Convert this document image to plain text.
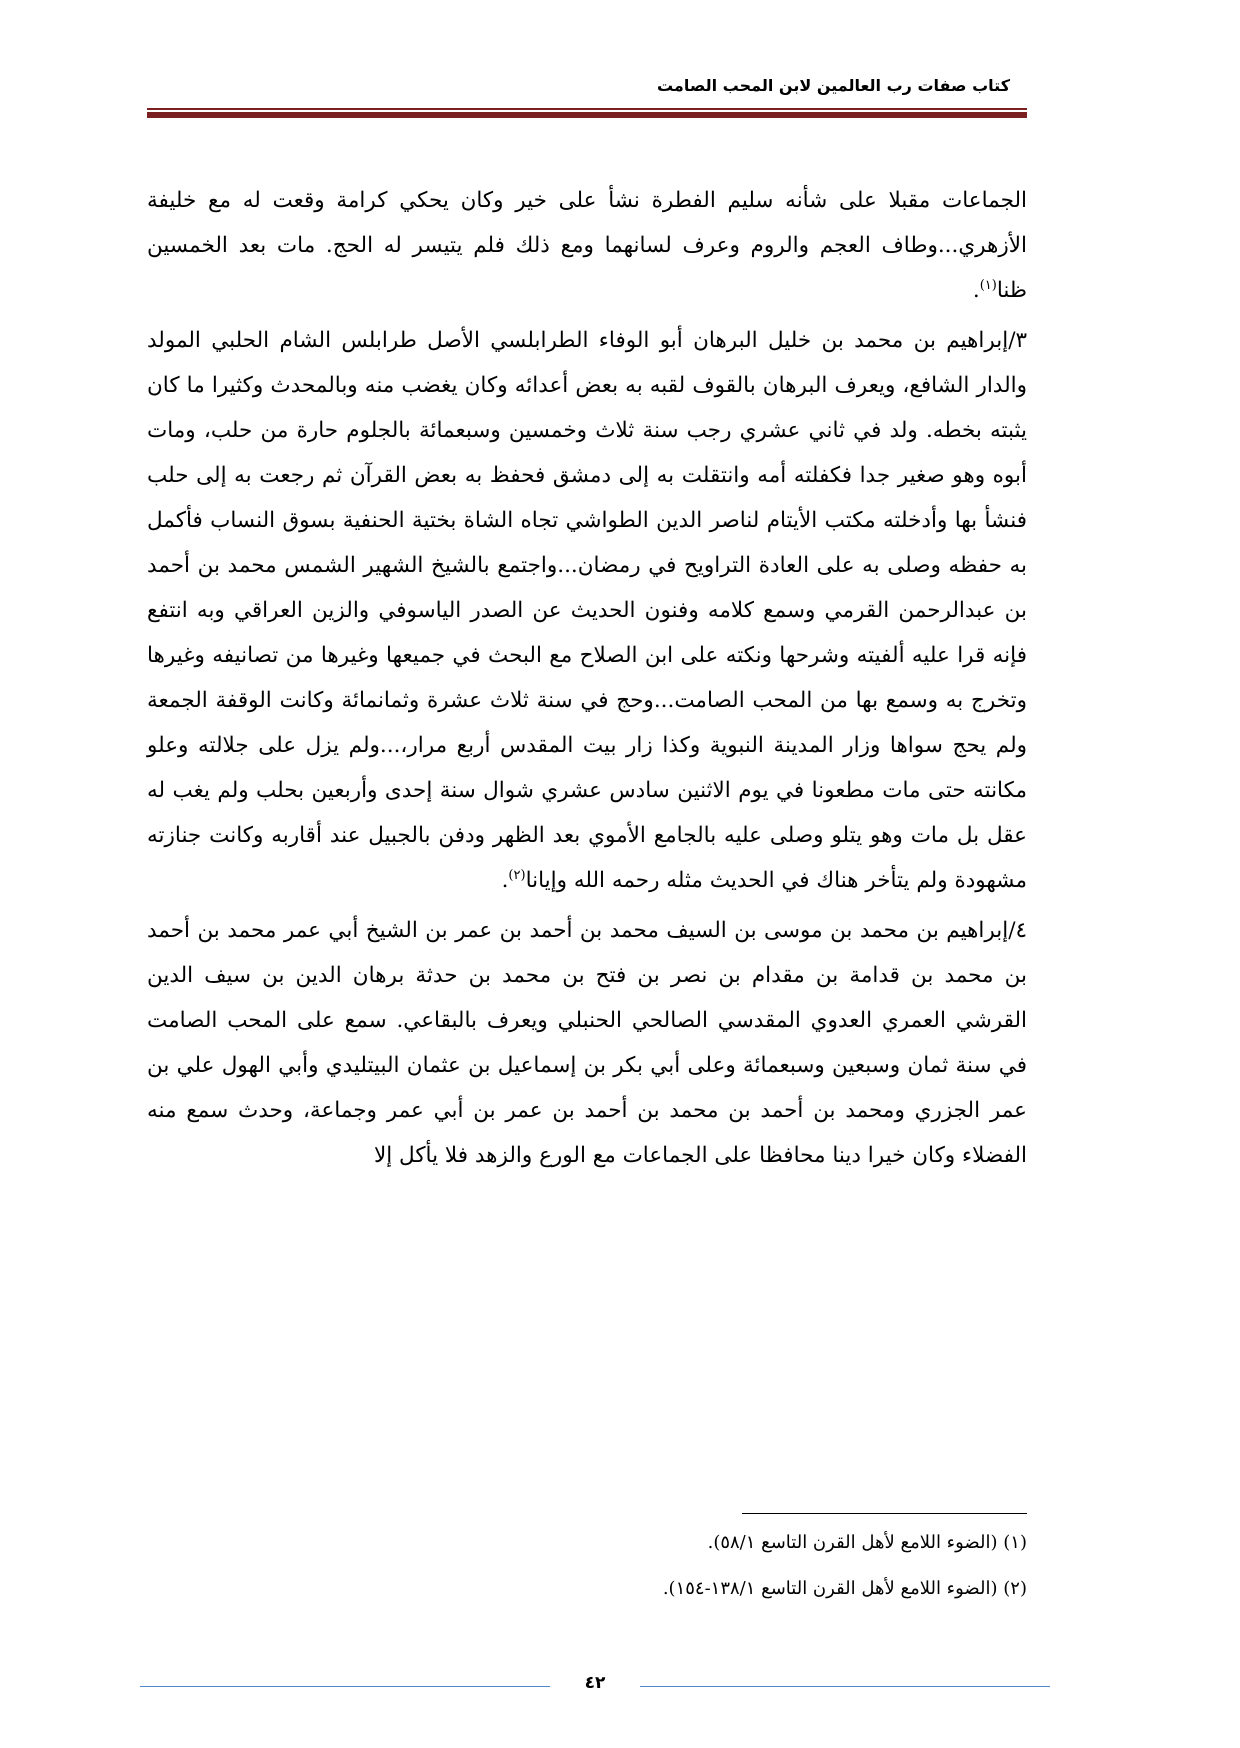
كتاب صفات رب العالمين لابن المحب الصامت

الجماعات مقبلا على شأنه سليم الفطرة نشأ على خير وكان يحكي كرامة وقعت له مع خليفة الأزهري...وطاف العجم والروم وعرف لسانهما ومع ذلك فلم يتيسر له الحج. مات بعد الخمسين ظنا$^{(١)}$.

٣/إبراهيم بن محمد بن خليل البرهان أبو الوفاء الطرابلسي الأصل طرابلس الشام الحلبي المولد والدار الشافع، ويعرف البرهان بالقوف لقبه به بعض أعدائه وكان يغضب منه وبالمحدث وكثيرا ما كان يثبته بخطه. ولد في ثاني عشري رجب سنة ثلاث وخمسين وسبعمائة بالجلوم حارة من حلب، ومات أبوه وهو صغير جدا فكفلته أمه وانتقلت به إلى دمشق فحفظ به بعض القرآن ثم رجعت به إلى حلب فنشأ بها وأدخلته مكتب الأيتام لناصر الدين الطواشي تجاه الشاة بختية الحنفية بسوق النساب فأكمل به حفظه وصلى به على العادة التراويح في رمضان...واجتمع بالشيخ الشهير الشمس محمد بن أحمد بن عبدالرحمن القرمي وسمع كلامه وفنون الحديث عن الصدر الياسوفي والزين العراقي وبه انتفع فإنه قرا عليه ألفيته وشرحها ونكته على ابن الصلاح مع البحث في جميعها وغيرها من تصانيفه وغيرها وتخرج به وسمع بها من المحب الصامت...وحج في سنة ثلاث عشرة وثمانمائة وكانت الوقفة الجمعة ولم يحج سواها وزار المدينة النبوية وكذا زار بيت المقدس أربع مرار،...ولم يزل على جلالته وعلو مكانته حتى مات مطعونا في يوم الاثنين سادس عشري شوال سنة إحدى وأربعين بحلب ولم يغب له عقل بل مات وهو يتلو وصلى عليه بالجامع الأموي بعد الظهر ودفن بالجبيل عند أقاربه وكانت جنازته مشهودة ولم يتأخر هناك في الحديث مثله رحمه الله وإيانا$^{(٢)}$.

٤/إبراهيم بن محمد بن موسى بن السيف محمد بن أحمد بن عمر بن الشيخ أبي عمر محمد بن أحمد بن محمد بن قدامة بن مقدام بن نصر بن فتح بن محمد بن حدثة برهان الدين بن سيف الدين القرشي العمري العدوي المقدسي الصالحي الحنبلي ويعرف بالبقاعي. سمع على المحب الصامت في سنة ثمان وسبعين وسبعمائة وعلى أبي بكر بن إسماعيل بن عثمان البيتليدي وأبي الهول علي بن عمر الجزري ومحمد بن أحمد بن محمد بن أحمد بن عمر بن أبي عمر وجماعة، وحدث سمع منه الفضلاء وكان خيرا دينا محافظا على الجماعات مع الورع والزهد فلا يأكل إلا

(١) (الضوء اللامع لأهل القرن التاسع ٥٨/١).
(٢) (الضوء اللامع لأهل القرن التاسع ١٣٨/١-١٥٤).
٤٢
